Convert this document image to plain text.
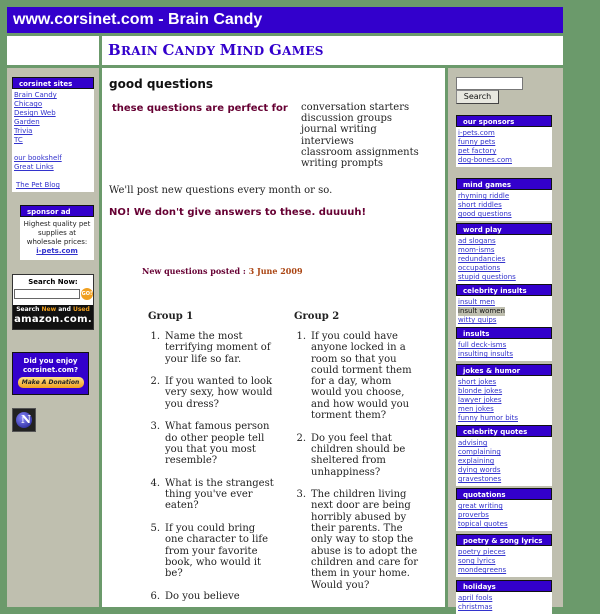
www.corsinet.com - Brain Candy
BRAIN CANDY MIND GAMES
corsinet sites
Brain Candy
Chicago
Design Web
Garden
Trivia
TC
our bookshelf
Great Links
The Pet Blog
sponsor ad
Highest quality pet supplies at wholesale prices:
i-pets.com
Search Now:
GO!
Search New and Used
amazon.com.
Did you enjoy corsinet.com?
Make A Donation
N
good questions
these questions are perfect for conversation starters
discussion groups
journal writing
interviews
classroom assignments
writing prompts
We'll post new questions every month or so.
NO! We don't give answers to these. duuuuh!
New questions posted : 3 June 2009
Group 1
1. Name the most terrifying moment of your life so far.
2. If you wanted to look very sexy, how would you dress?
3. What famous person do other people tell you that you most resemble?
4. What is the strangest thing you've ever eaten?
5. If you could bring one character to life from your favorite book, who would it be?
6. Do you believe
Group 2
1. If you could have anyone locked in a room so that you could torment them for a day, whom would you choose, and how would you torment them?
2. Do you feel that children should be sheltered from unhappiness?
3. The children living next door are being horribly abused by their parents. The only way to stop the abuse is to adopt the children and care for them in your home. Would you?
Search
our sponsors
i-pets.com
funny pets
pet factory
dog-bones.com
mind games
rhyming riddle
short riddles
good questions
word play
ad slogans
mom-isms
redundancies
occupations
stupid questions
celebrity insults
insult men
insult women

witty quips
insults
full deck-isms
insulting insults
jokes & humor
short jokes
blonde jokes
lawyer jokes
men jokes
funny humor bits
celebrity quotes
advising
complaining
explaining
dying words
gravestones
quotations
great writing
proverbs
topical quotes
poetry & song lyrics
poetry pieces
song lyrics
mondegreens
holidays
april fools
christmas
